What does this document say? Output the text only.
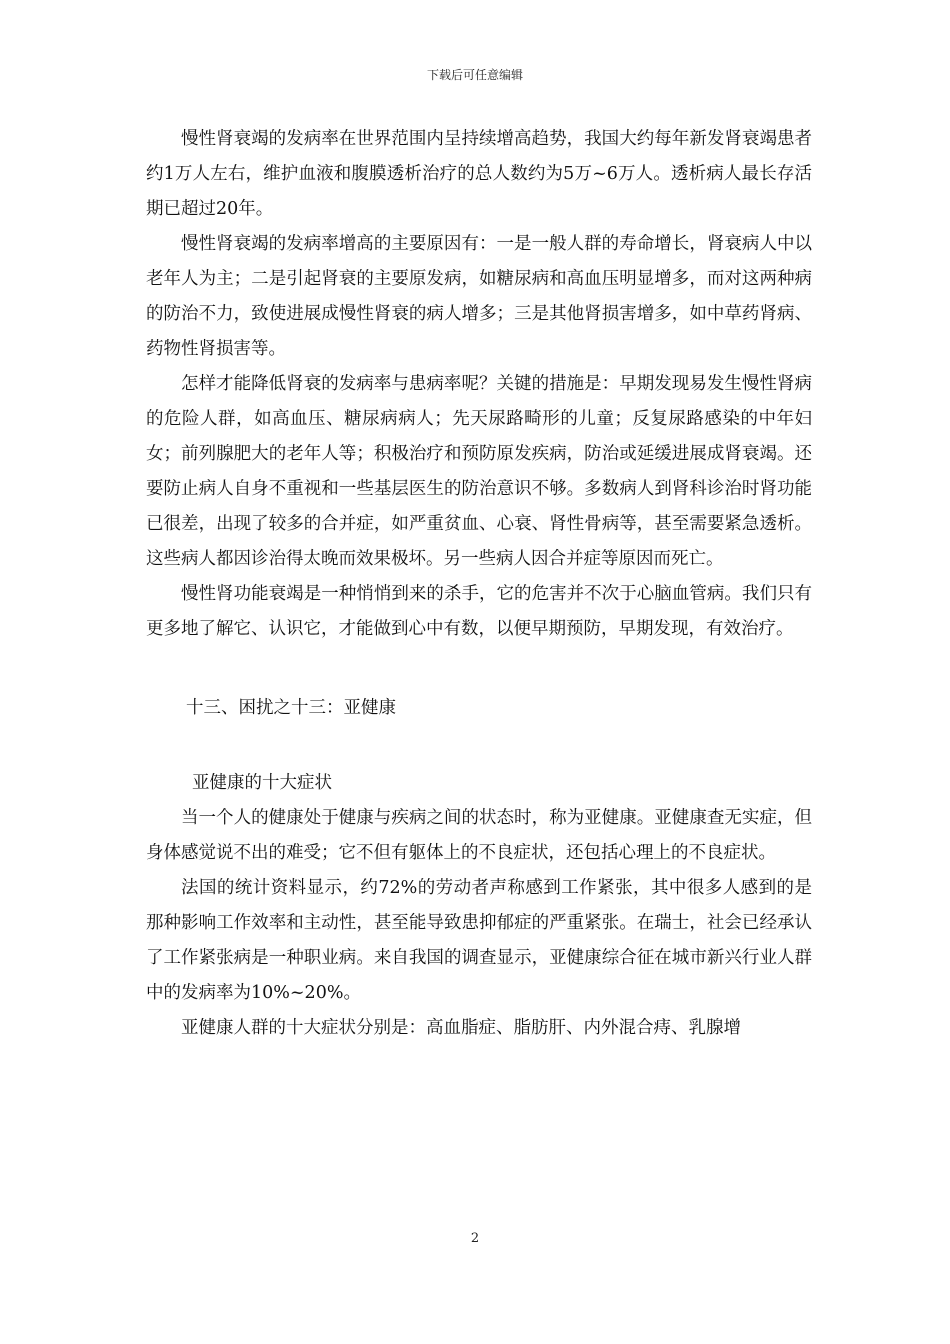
下载后可任意编辑

慢性肾衰竭的发病率在世界范围内呈持续增高趋势，我国大约每年新发肾衰竭患者约1万人左右，维护血液和腹膜透析治疗的总人数约为5万~6万人。透析病人最长存活期已超过20年。

慢性肾衰竭的发病率增高的主要原因有：一是一般人群的寿命增长，肾衰病人中以老年人为主；二是引起肾衰的主要原发病，如糖尿病和高血压明显增多，而对这两种病的防治不力，致使进展成慢性肾衰的病人增多；三是其他肾损害增多，如中草药肾病、药物性肾损害等。

怎样才能降低肾衰的发病率与患病率呢？关键的措施是：早期发现易发生慢性肾病的危险人群，如高血压、糖尿病病人；先天尿路畸形的儿童；反复尿路感染的中年妇女；前列腺肥大的老年人等；积极治疗和预防原发疾病，防治或延缓进展成肾衰竭。还要防止病人自身不重视和一些基层医生的防治意识不够。多数病人到肾科诊治时肾功能已很差，出现了较多的合并症，如严重贫血、心衰、肾性骨病等，甚至需要紧急透析。这些病人都因诊治得太晚而效果极坏。另一些病人因合并症等原因而死亡。

慢性肾功能衰竭是一种悄悄到来的杀手，它的危害并不次于心脑血管病。我们只有更多地了解它、认识它，才能做到心中有数，以便早期预防，早期发现，有效治疗。

十三、困扰之十三：亚健康

亚健康的十大症状

当一个人的健康处于健康与疾病之间的状态时，称为亚健康。亚健康查无实症，但身体感觉说不出的难受；它不但有躯体上的不良症状，还包括心理上的不良症状。

法国的统计资料显示，约72%的劳动者声称感到工作紧张，其中很多人感到的是那种影响工作效率和主动性，甚至能导致患抑郁症的严重紧张。在瑞士，社会已经承认了工作紧张病是一种职业病。来自我国的调查显示，亚健康综合征在城市新兴行业人群中的发病率为10%~20%。

亚健康人群的十大症状分别是：高血脂症、脂肪肝、内外混合痔、乳腺增

2
